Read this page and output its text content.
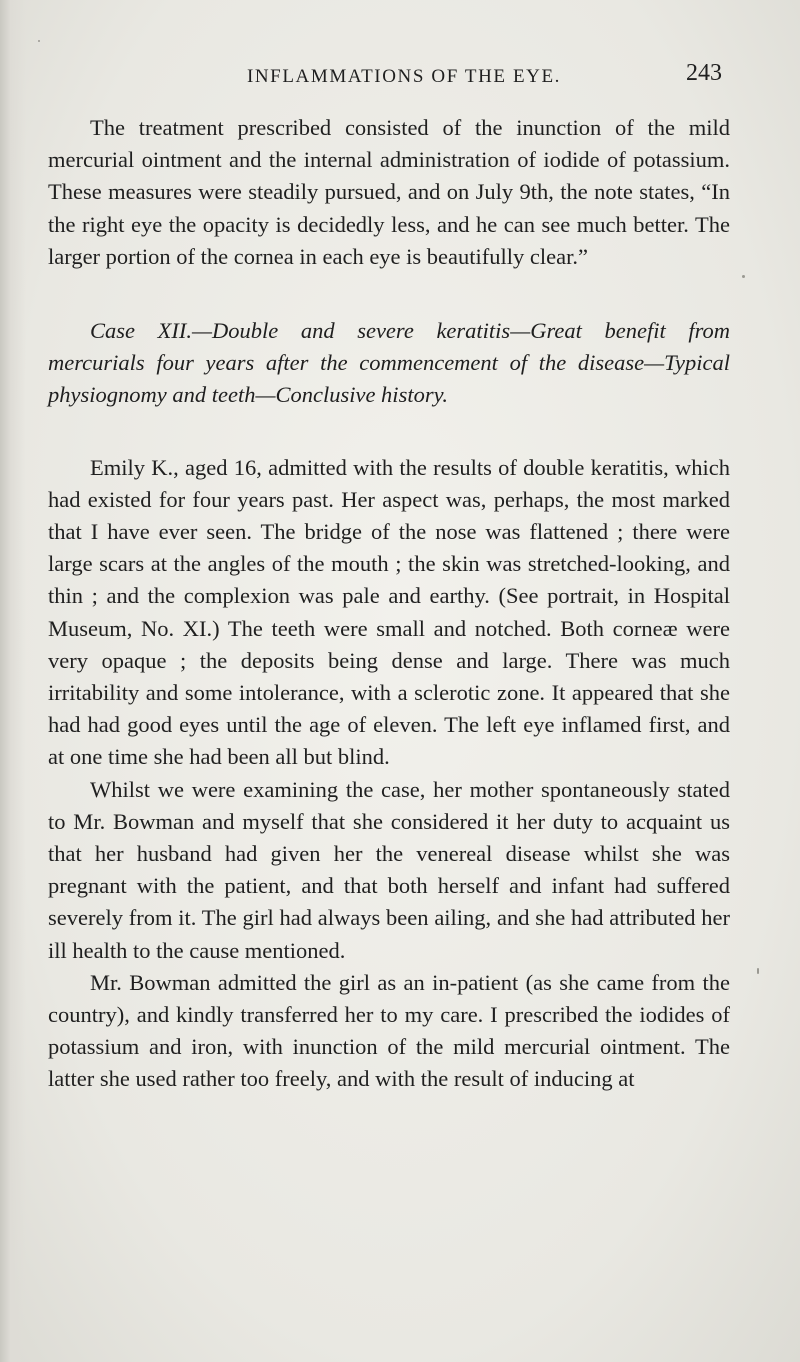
INFLAMMATIONS OF THE EYE.	243

The treatment prescribed consisted of the inunction of the mild mercurial ointment and the internal administration of iodide of potassium. These measures were steadily pursued, and on July 9th, the note states, “In the right eye the opacity is decidedly less, and he can see much better. The larger portion of the cornea in each eye is beautifully clear.”

Case XII.—Double and severe keratitis—Great benefit from mercurials four years after the commencement of the disease—Typical physiognomy and teeth—Conclusive history.

Emily K., aged 16, admitted with the results of double keratitis, which had existed for four years past. Her aspect was, perhaps, the most marked that I have ever seen. The bridge of the nose was flattened ; there were large scars at the angles of the mouth ; the skin was stretched-looking, and thin ; and the complexion was pale and earthy. (See portrait, in Hospital Museum, No. XI.) The teeth were small and notched. Both corneæ were very opaque ; the deposits being dense and large. There was much irritability and some intolerance, with a sclerotic zone. It appeared that she had had good eyes until the age of eleven. The left eye inflamed first, and at one time she had been all but blind.

Whilst we were examining the case, her mother spontaneously stated to Mr. Bowman and myself that she considered it her duty to acquaint us that her husband had given her the venereal disease whilst she was pregnant with the patient, and that both herself and infant had suffered severely from it. The girl had always been ailing, and she had attributed her ill health to the cause mentioned.

Mr. Bowman admitted the girl as an in-patient (as she came from the country), and kindly transferred her to my care. I prescribed the iodides of potassium and iron, with inunction of the mild mercurial ointment. The latter she used rather too freely, and with the result of inducing at
